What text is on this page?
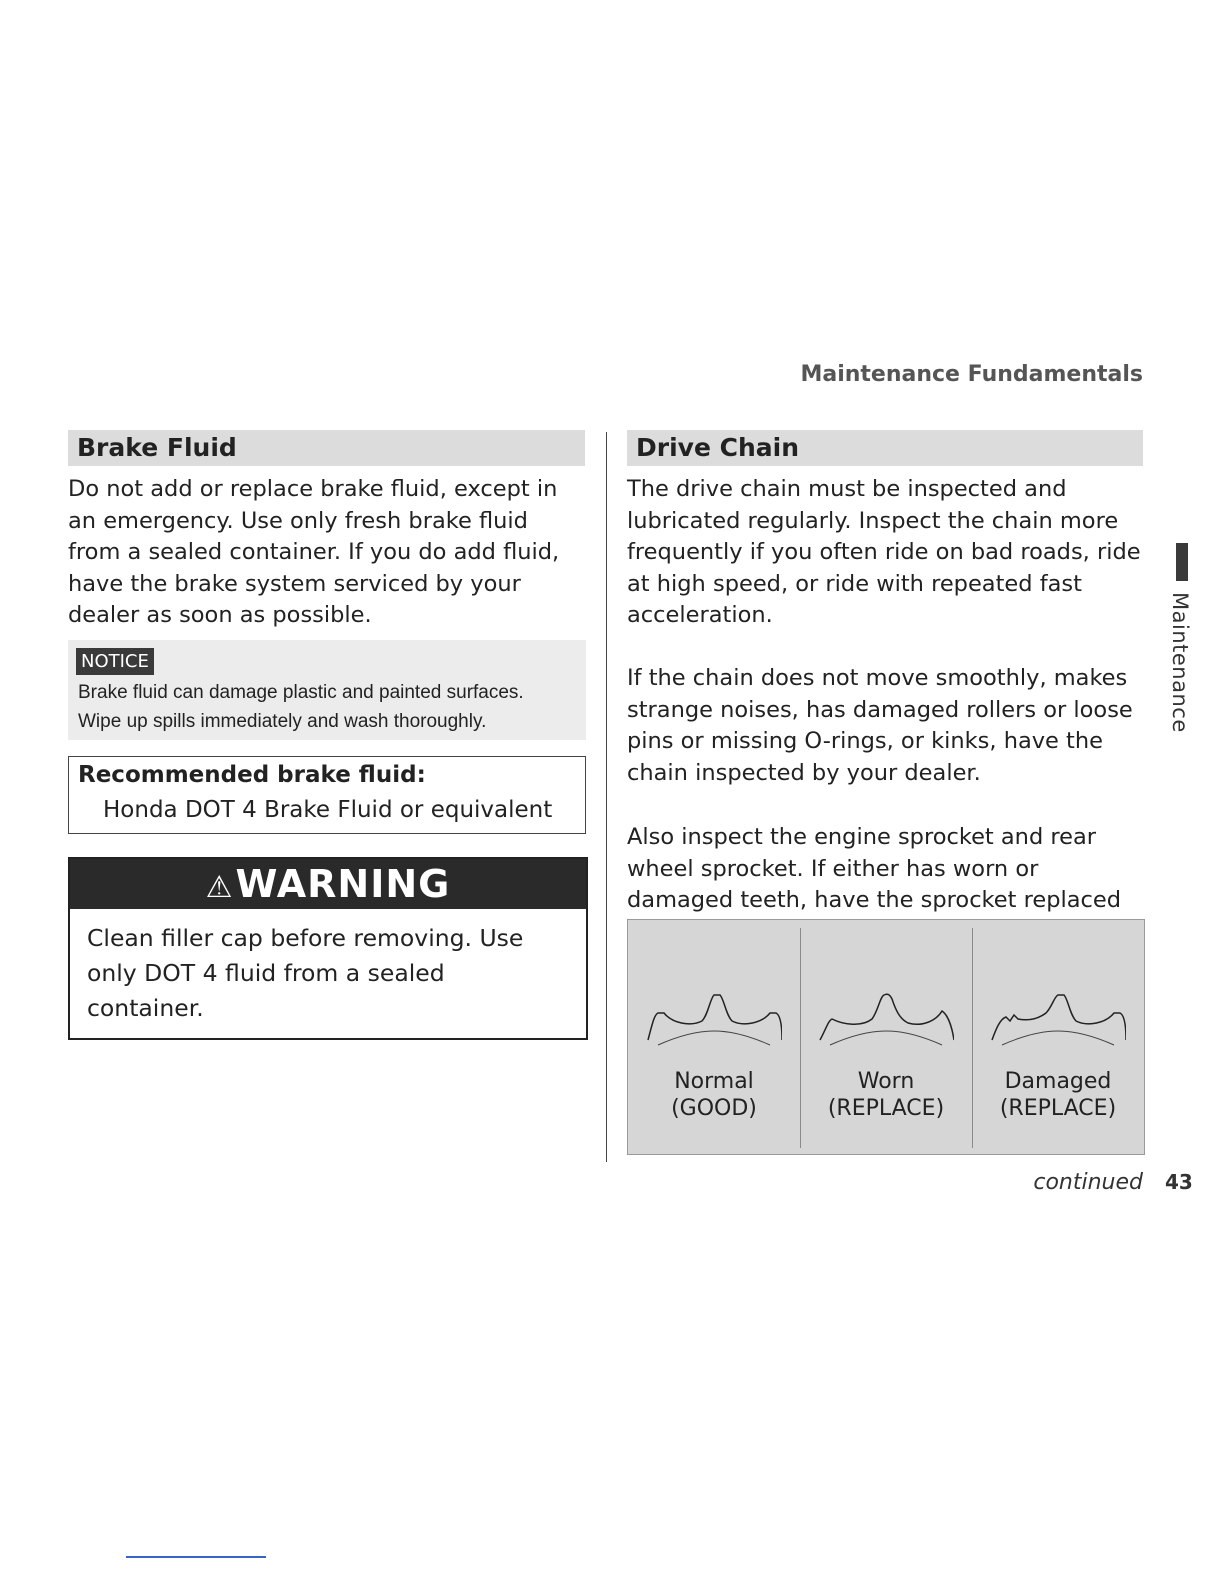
Maintenance Fundamentals
Brake Fluid
Do not add or replace brake fluid, except in an emergency. Use only fresh brake fluid from a sealed container. If you do add fluid, have the brake system serviced by your dealer as soon as possible.
NOTICE
Brake fluid can damage plastic and painted surfaces.
Wipe up spills immediately and wash thoroughly.
Recommended brake fluid:
Honda DOT 4 Brake Fluid or equivalent
⚠WARNING
Clean filler cap before removing. Use only DOT 4 fluid from a sealed container.
Drive Chain
The drive chain must be inspected and lubricated regularly. Inspect the chain more frequently if you often ride on bad roads, ride at high speed, or ride with repeated fast acceleration.
If the chain does not move smoothly, makes strange noises, has damaged rollers or loose pins or missing O-rings, or kinks, have the chain inspected by your dealer.
Also inspect the engine sprocket and rear wheel sprocket. If either has worn or damaged teeth, have the sprocket replaced
Normal
(GOOD)
Worn
(REPLACE)
Damaged
(REPLACE)
Maintenance
continued 43
